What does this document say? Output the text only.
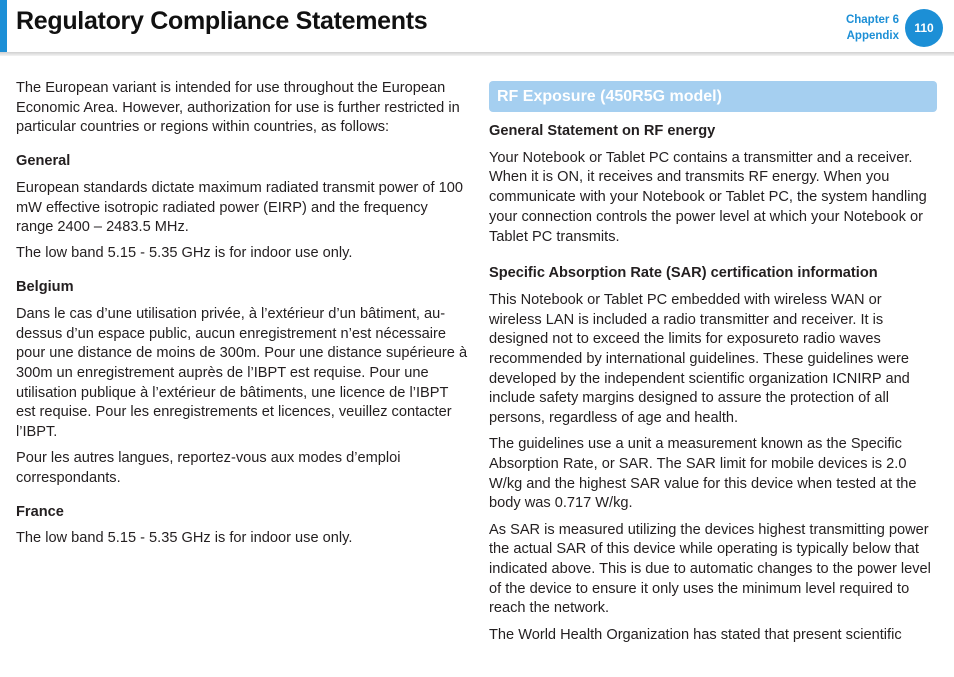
Regulatory Compliance Statements	Chapter 6
Appendix
110

The European variant is intended for use throughout the European Economic Area. However, authorization for use is further restricted in particular countries or regions within countries, as follows:

General

European standards dictate maximum radiated transmit power of 100 mW effective isotropic radiated power (EIRP) and the frequency range 2400 – 2483.5 MHz.

The low band 5.15 - 5.35 GHz is for indoor use only.

Belgium

Dans le cas d’une utilisation privée, à l’extérieur d’un bâtiment, au-dessus d’un espace public, aucun enregistrement n’est nécessaire pour une distance de moins de 300m. Pour une distance supérieure à 300m un enregistrement auprès de l’IBPT est requise. Pour une utilisation publique à l’extérieur de bâtiments, une licence de l’IBPT est requise. Pour les enregistrements et licences, veuillez contacter l’IBPT.

Pour les autres langues, reportez-vous aux modes d’emploi correspondants.

France

The low band 5.15 - 5.35 GHz is for indoor use only.

RF Exposure (450R5G model)
General Statement on RF energy

Your Notebook or Tablet PC contains a transmitter and a receiver. When it is ON, it receives and transmits RF energy. When you communicate with your Notebook or Tablet PC, the system handling your connection controls the power level at which your Notebook or Tablet PC transmits.

Specific Absorption Rate (SAR) certification information

This Notebook or Tablet PC embedded with wireless WAN or wireless LAN is included a radio transmitter and receiver. It is designed not to exceed the limits for exposureto radio waves recommended by international guidelines. These guidelines were developed by the independent scientific organization ICNIRP and include safety margins designed to assure the protection of all persons, regardless of age and health.

The guidelines use a unit a measurement known as the Specific Absorption Rate, or SAR. The SAR limit for mobile devices is 2.0 W/kg and the highest SAR value for this device when tested at the body was 0.717 W/kg.

As SAR is measured utilizing the devices highest transmitting power the actual SAR of this device while operating is typically below that indicated above. This is due to automatic changes to the power level of the device to ensure it only uses the minimum level required to reach the network.

The World Health Organization has stated that present scientific
